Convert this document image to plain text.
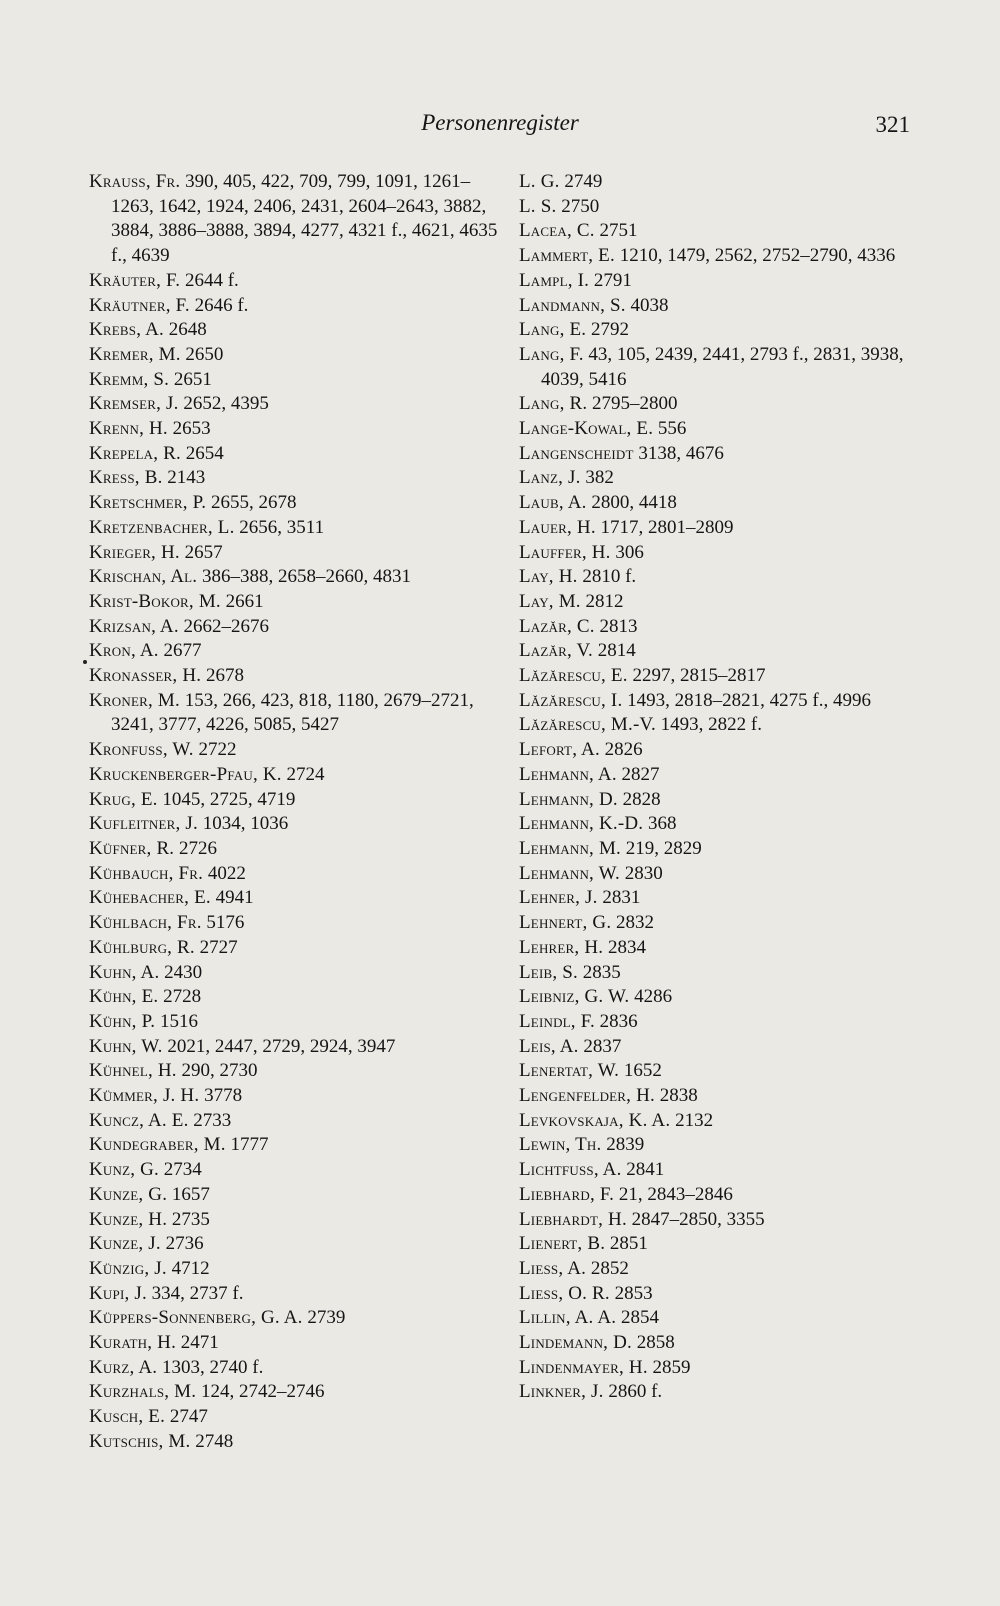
Personenregister	321

Krauss, Fr. 390, 405, 422, 709, 799, 1091, 1261–1263, 1642, 1924, 2406, 2431, 2604–2643, 3882, 3884, 3886–3888, 3894, 4277, 4321 f., 4621, 4635 f., 4639

Kräuter, F. 2644 f.

Kräutner, F. 2646 f.

Krebs, A. 2648

Kremer, M. 2650

Kremm, S. 2651

Kremser, J. 2652, 4395

Krenn, H. 2653

Krepela, R. 2654

Kress, B. 2143

Kretschmer, P. 2655, 2678

Kretzenbacher, L. 2656, 3511

Krieger, H. 2657

Krischan, Al. 386–388, 2658–2660, 4831

Krist-Bokor, M. 2661

Krizsan, A. 2662–2676

Kron, A. 2677

Kronasser, H. 2678

Kroner, M. 153, 266, 423, 818, 1180, 2679–2721, 3241, 3777, 4226, 5085, 5427

Kronfuss, W. 2722

Kruckenberger-Pfau, K. 2724

Krug, E. 1045, 2725, 4719

Kufleitner, J. 1034, 1036

Küfner, R. 2726

Kühbauch, Fr. 4022

Kühebacher, E. 4941

Kühlbach, Fr. 5176

Kühlburg, R. 2727

Kuhn, A. 2430

Kühn, E. 2728

Kühn, P. 1516

Kuhn, W. 2021, 2447, 2729, 2924, 3947

Kühnel, H. 290, 2730

Kümmer, J. H. 3778

Kuncz, A. E. 2733

Kundegraber, M. 1777

Kunz, G. 2734

Kunze, G. 1657

Kunze, H. 2735

Kunze, J. 2736

Künzig, J. 4712

Kupi, J. 334, 2737 f.

Küppers-Sonnenberg, G. A. 2739

Kurath, H. 2471

Kurz, A. 1303, 2740 f.

Kurzhals, M. 124, 2742–2746

Kusch, E. 2747

Kutschis, M. 2748

L. G. 2749

L. S. 2750

Lacea, C. 2751

Lammert, E. 1210, 1479, 2562, 2752–2790, 4336

Lampl, I. 2791

Landmann, S. 4038

Lang, E. 2792

Lang, F. 43, 105, 2439, 2441, 2793 f., 2831, 3938, 4039, 5416

Lang, R. 2795–2800

Lange-Kowal, E. 556

Langenscheidt 3138, 4676

Lanz, J. 382

Laub, A. 2800, 4418

Lauer, H. 1717, 2801–2809

Lauffer, H. 306

Lay, H. 2810 f.

Lay, M. 2812

Lazăr, C. 2813

Lazăr, V. 2814

Lăzărescu, E. 2297, 2815–2817

Lăzărescu, I. 1493, 2818–2821, 4275 f., 4996

Lăzărescu, M.-V. 1493, 2822 f.

Lefort, A. 2826

Lehmann, A. 2827

Lehmann, D. 2828

Lehmann, K.-D. 368

Lehmann, M. 219, 2829

Lehmann, W. 2830

Lehner, J. 2831

Lehnert, G. 2832

Lehrer, H. 2834

Leib, S. 2835

Leibniz, G. W. 4286

Leindl, F. 2836

Leis, A. 2837

Lenertat, W. 1652

Lengenfelder, H. 2838

Levkovskaja, K. A. 2132

Lewin, Th. 2839

Lichtfuss, A. 2841

Liebhard, F. 21, 2843–2846

Liebhardt, H. 2847–2850, 3355

Lienert, B. 2851

Liess, A. 2852

Liess, O. R. 2853

Lillin, A. A. 2854

Lindemann, D. 2858

Lindenmayer, H. 2859

Linkner, J. 2860 f.
